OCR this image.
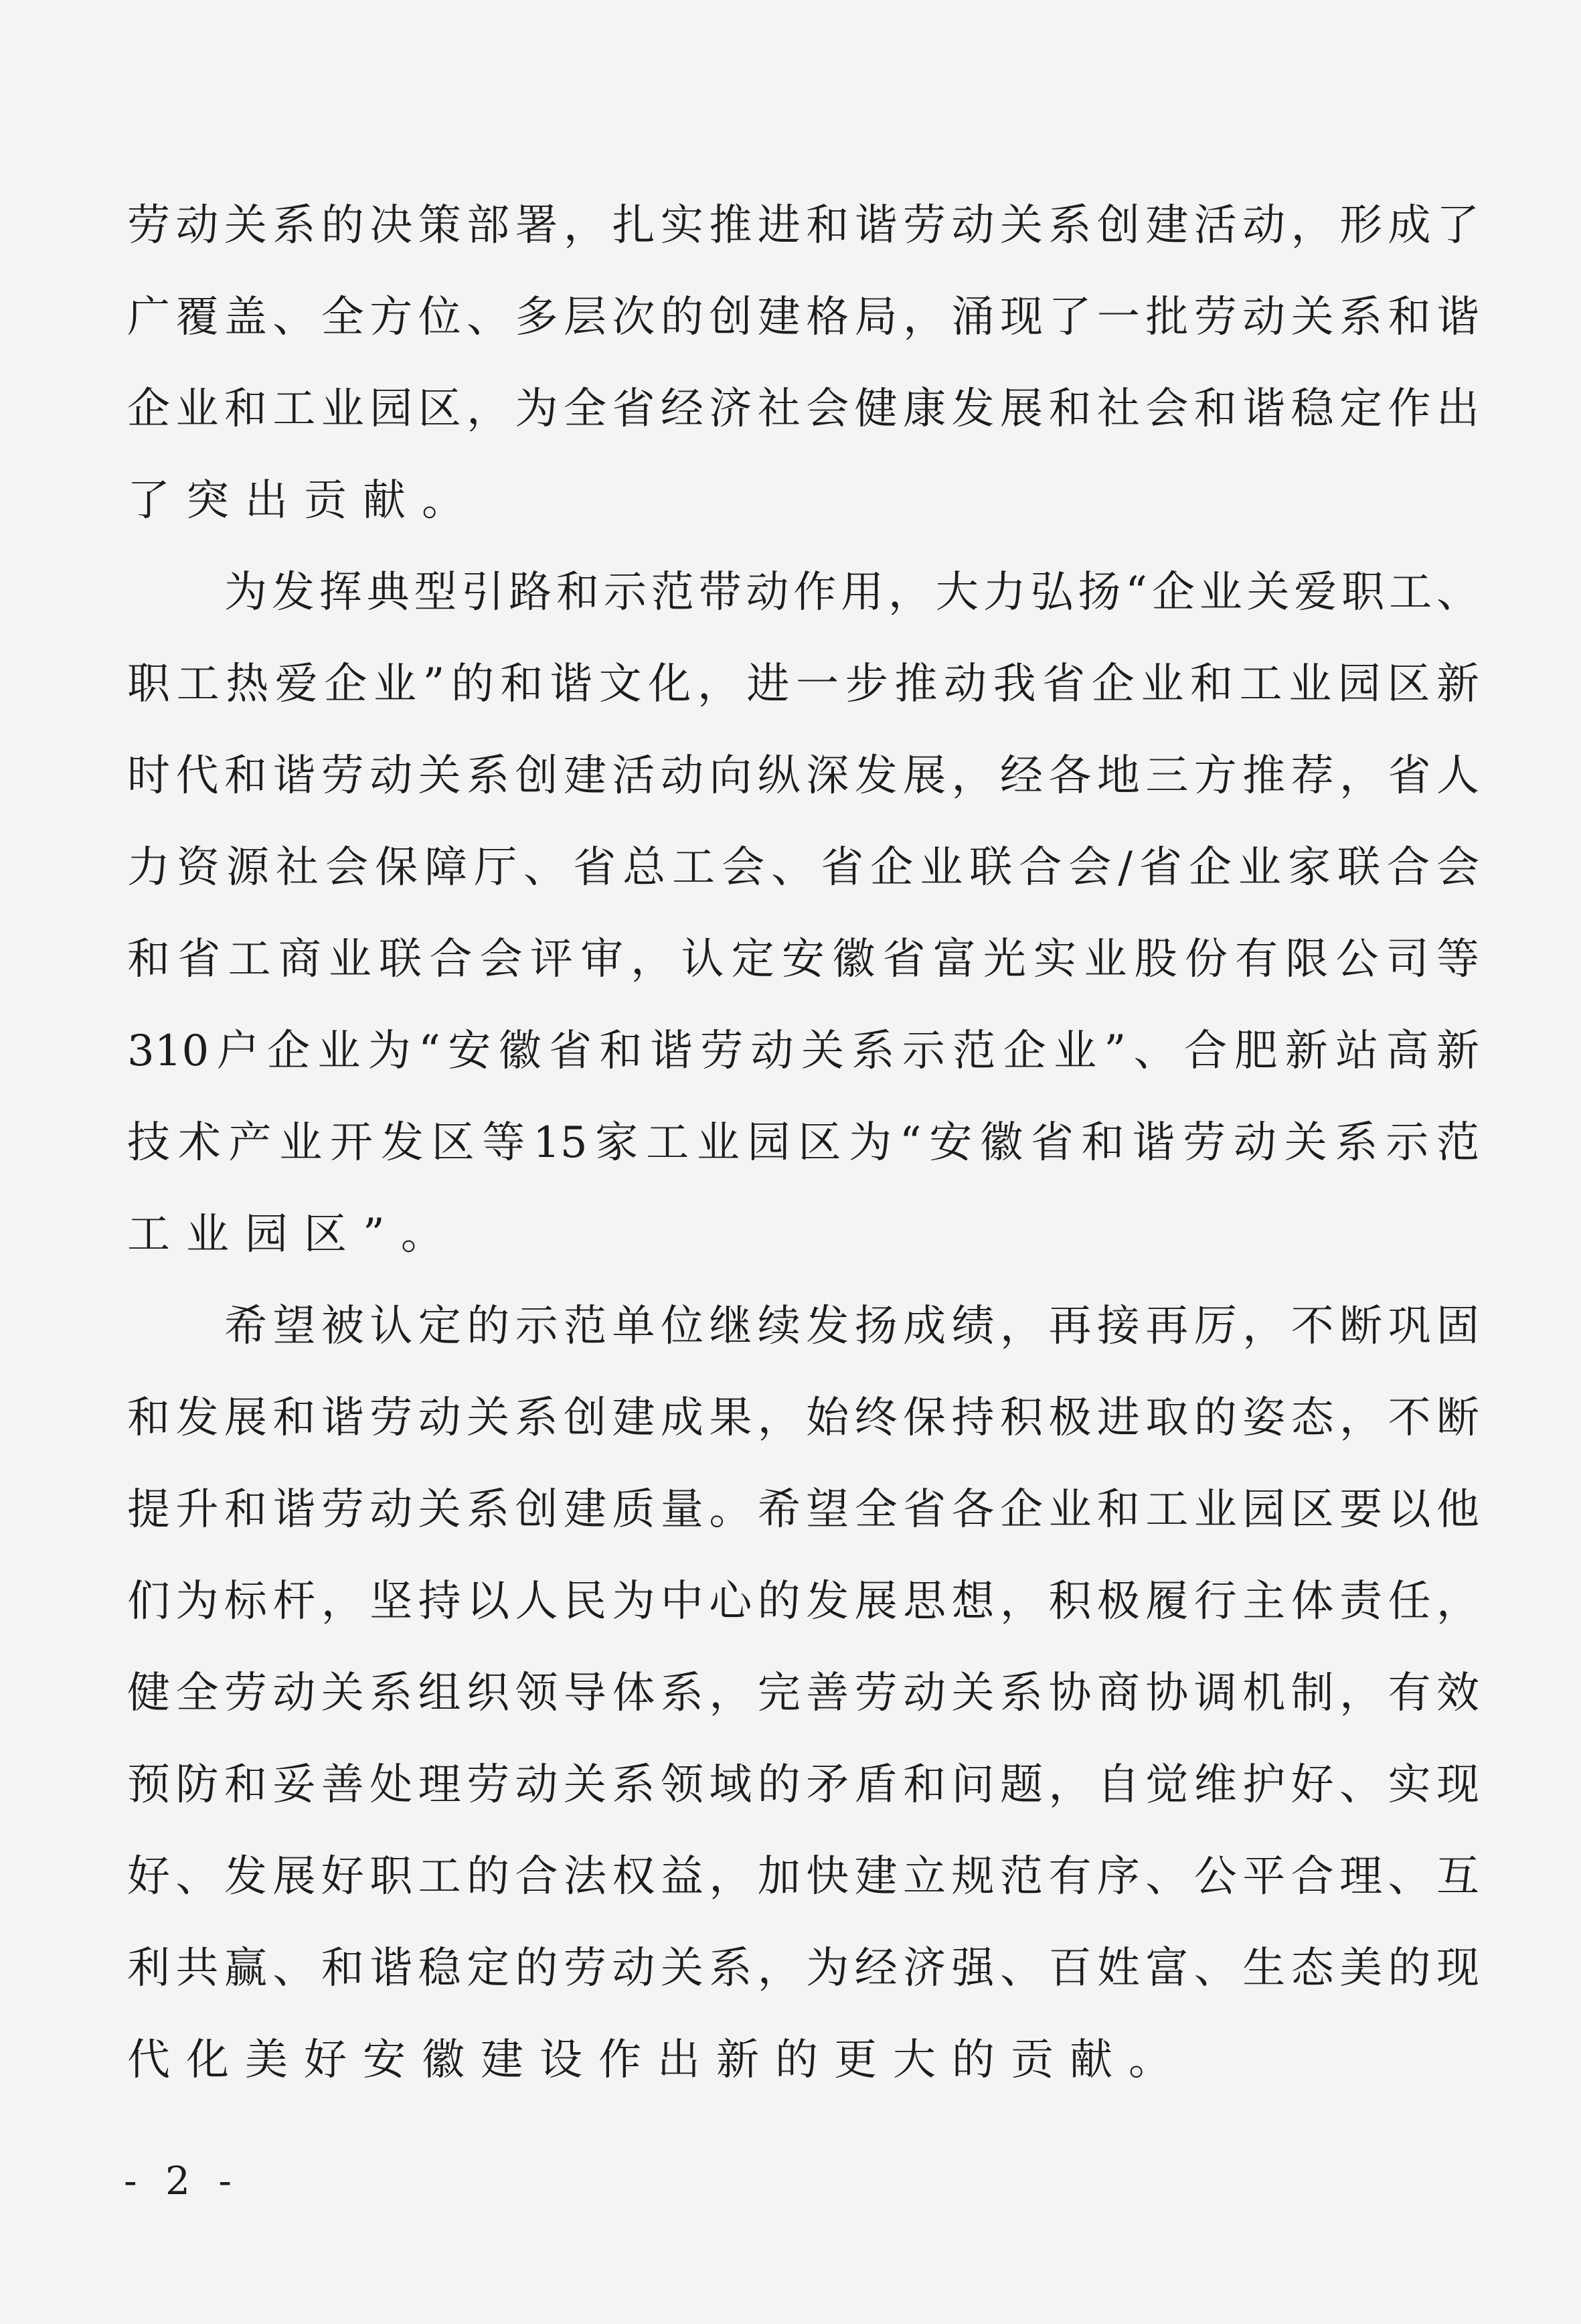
劳动关系的决策部署，扎实推进和谐劳动关系创建活动，形成了
广覆盖、全方位、多层次的创建格局，涌现了一批劳动关系和谐
企业和工业园区，为全省经济社会健康发展和社会和谐稳定作出
了突出贡献。
为发挥典型引路和示范带动作用，大力弘扬“企业关爱职工、
职工热爱企业”的和谐文化，进一步推动我省企业和工业园区新
时代和谐劳动关系创建活动向纵深发展，经各地三方推荐，省人
力资源社会保障厅、省总工会、省企业联合会/省企业家联合会
和省工商业联合会评审，认定安徽省富光实业股份有限公司等
310户企业为“安徽省和谐劳动关系示范企业”、合肥新站高新
技术产业开发区等15家工业园区为“安徽省和谐劳动关系示范
工业园区”。
希望被认定的示范单位继续发扬成绩，再接再厉，不断巩固
和发展和谐劳动关系创建成果，始终保持积极进取的姿态，不断
提升和谐劳动关系创建质量。希望全省各企业和工业园区要以他
们为标杆，坚持以人民为中心的发展思想，积极履行主体责任，
健全劳动关系组织领导体系，完善劳动关系协商协调机制，有效
预防和妥善处理劳动关系领域的矛盾和问题，自觉维护好、实现
好、发展好职工的合法权益，加快建立规范有序、公平合理、互
利共赢、和谐稳定的劳动关系，为经济强、百姓富、生态美的现
代化美好安徽建设作出新的更大的贡献。
- 2 -
